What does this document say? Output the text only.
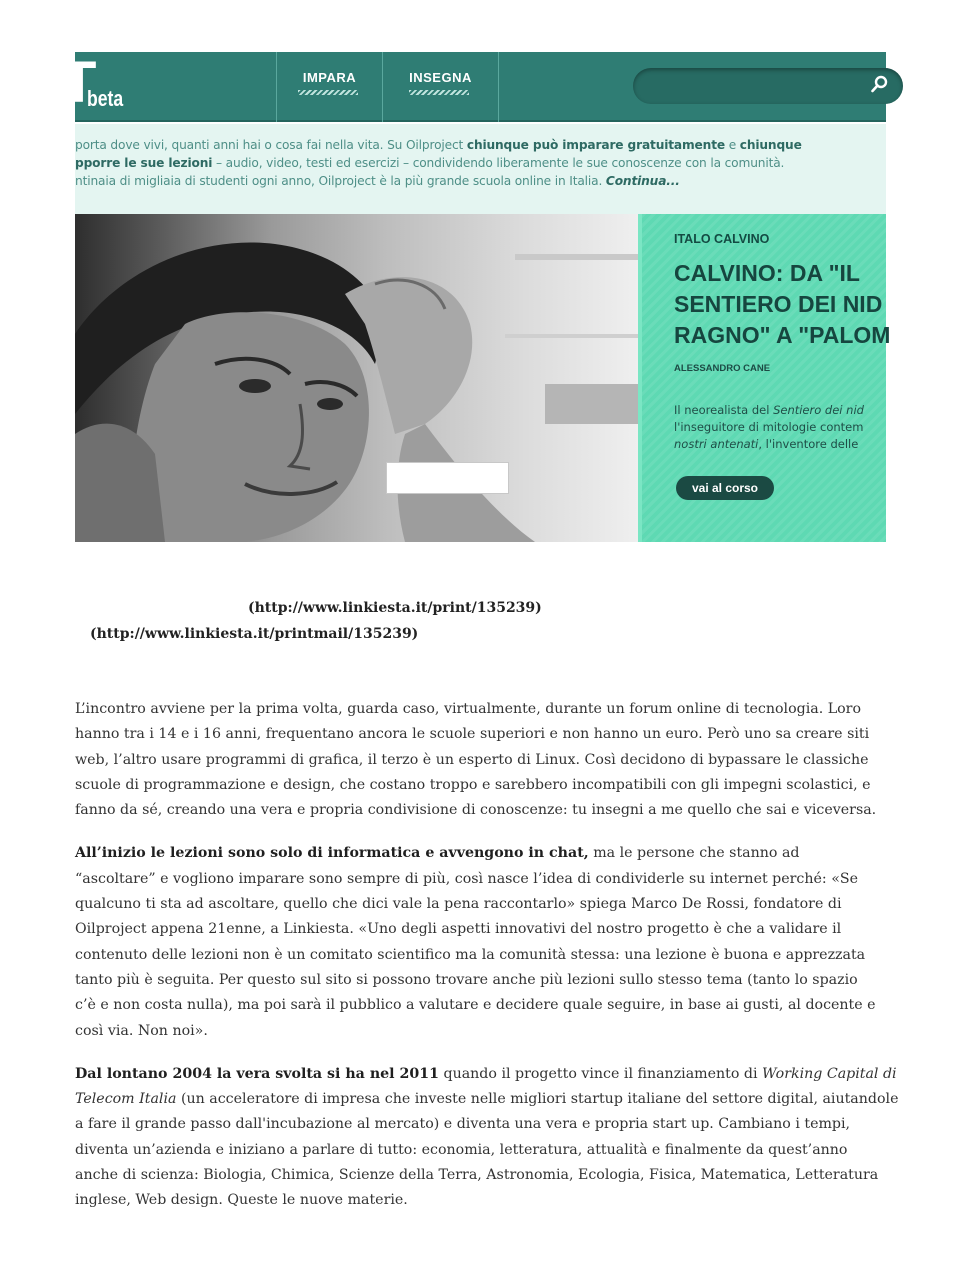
T
beta
IMPARA	INSEGNA

porta dove vivi, quanti anni hai o cosa fai nella vita. Su Oilproject chiunque può imparare gratuitamente e chiunque

pporre le sue lezioni – audio, video, testi ed esercizi – condividendo liberamente le sue conoscenze con la comunità.

ntinaia di migliaia di studenti ogni anno, Oilproject è la più grande scuola online in Italia. Continua...

ITALO CALVINO
CALVINO: DA "IL
SENTIERO DEI NID
RAGNO" A "PALOM
ALESSANDRO CANE
Il neorealista del Sentiero dei nid
l'inseguitore di mitologie contem
nostri antenati, l'inventore delle
vai al corso
(http://www.linkiesta.it/print/135239)
(http://www.linkiesta.it/printmail/135239)

L’incontro avviene per la prima volta, guarda caso, virtualmente, durante un forum online di tecnologia. Loro
hanno tra i 14 e i 16 anni, frequentano ancora le scuole superiori e non hanno un euro. Però uno sa creare siti
web, l’altro usare programmi di grafica, il terzo è un esperto di Linux. Così decidono di bypassare le classiche
scuole di programmazione e design, che costano troppo e sarebbero incompatibili con gli impegni scolastici, e
fanno da sé, creando una vera e propria condivisione di conoscenze: tu insegni a me quello che sai e viceversa.

All’inizio le lezioni sono solo di informatica e avvengono in chat, ma le persone che stanno ad
“ascoltare” e vogliono imparare sono sempre di più, così nasce l’idea di condividerle su internet perché: «Se
qualcuno ti sta ad ascoltare, quello che dici vale la pena raccontarlo» spiega Marco De Rossi, fondatore di
Oilproject appena 21enne, a Linkiesta. «Uno degli aspetti innovativi del nostro progetto è che a validare il
contenuto delle lezioni non è un comitato scientifico ma la comunità stessa: una lezione è buona e apprezzata
tanto più è seguita. Per questo sul sito si possono trovare anche più lezioni sullo stesso tema (tanto lo spazio
c’è e non costa nulla), ma poi sarà il pubblico a valutare e decidere quale seguire, in base ai gusti, al docente e
così via. Non noi».

Dal lontano 2004 la vera svolta si ha nel 2011 quando il progetto vince il finanziamento di Working Capital di
Telecom Italia (un acceleratore di impresa che investe nelle migliori startup italiane del settore digital, aiutandole
a fare il grande passo dall'incubazione al mercato) e diventa una vera e propria start up. Cambiano i tempi,
diventa un’azienda e iniziano a parlare di tutto: economia, letteratura, attualità e finalmente da quest’anno
anche di scienza: Biologia, Chimica, Scienze della Terra, Astronomia, Ecologia, Fisica, Matematica, Letteratura
inglese, Web design. Queste le nuove materie.
